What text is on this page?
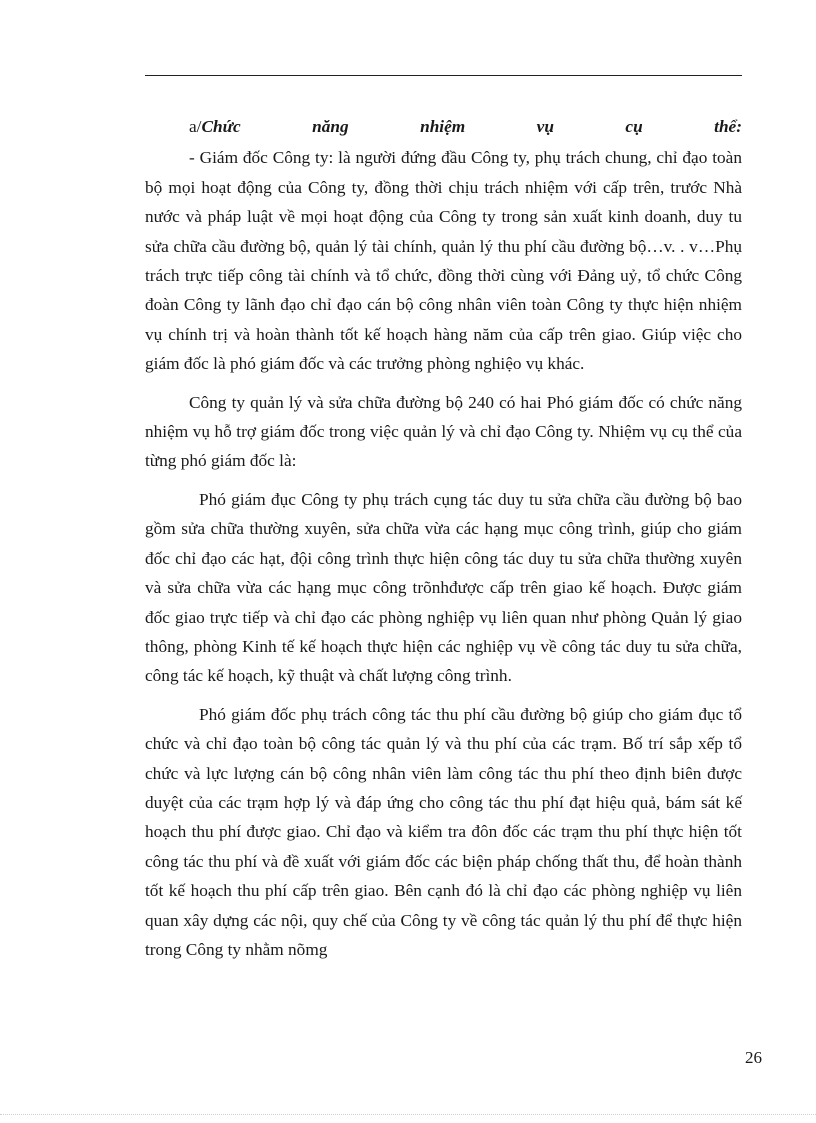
a/Chức	năng	nhiệm	vụ	cụ	thể:

- Giám đốc Công ty: là người đứng đầu Công ty, phụ trách chung, chỉ đạo toàn bộ mọi hoạt động của Công ty, đồng thời chịu trách nhiệm với cấp trên, trước Nhà nước và pháp luật về mọi hoạt động của Công ty trong sản xuất kinh doanh, duy tu sửa chữa cầu đường bộ, quản lý tài chính, quản lý thu phí cầu đường bộ…v. . v…Phụ trách trực tiếp công tài chính và tổ chức, đồng thời cùng với Đảng uỷ, tổ chức Công đoàn Công ty lãnh đạo chỉ đạo cán bộ công nhân viên toàn Công ty thực hiện nhiệm vụ chính trị và hoàn thành tốt kế hoạch hàng năm của cấp trên giao. Giúp việc cho giám đốc là phó giám đốc và các trưởng phòng nghiệo vụ khác.

Công ty quản lý và sửa chữa đường bộ 240 có hai Phó giám đốc có chức năng nhiệm vụ hỗ trợ giám đốc trong việc quản lý và chỉ đạo Công ty. Nhiệm vụ cụ thể của từng phó giám đốc là:

Phó giám đục Công ty phụ trách cụng tác duy tu sửa chữa cầu đường bộ bao gồm sửa chữa thường xuyên, sửa chữa vừa các hạng mục công trình, giúp cho giám đốc chỉ đạo các hạt, đội công trình thực hiện công tác duy tu sửa chữa thường xuyên và sửa chữa vừa các hạng mục công trõnhđược cấp trên giao kế hoạch. Được giám đốc giao trực tiếp và chỉ đạo các phòng nghiệp vụ liên quan như phòng Quản lý giao thông, phòng Kinh tế kế hoạch thực hiện các nghiệp vụ về công tác duy tu sửa chữa, công tác kế hoạch, kỹ thuật và chất lượng công trình.

Phó giám đốc phụ trách công tác thu phí cầu đường bộ giúp cho giám đục tổ chức và chỉ đạo toàn bộ công tác quản lý và thu phí của các trạm. Bố trí sắp xếp tổ chức và lực lượng cán bộ công nhân viên làm công tác thu phí theo định biên được duyệt của các trạm hợp lý và đáp ứng cho công tác thu phí đạt hiệu quả, bám sát kế hoạch thu phí được giao. Chỉ đạo và kiểm tra đôn đốc các trạm thu phí thực hiện tốt công tác thu phí và đề xuất với giám đốc các biện pháp chống thất thu, để hoàn thành tốt kế hoạch thu phí cấp trên giao. Bên cạnh đó là chỉ đạo các phòng nghiệp vụ liên quan xây dựng các nội, quy chế của Công ty về công tác quản lý thu phí để thực hiện trong Công ty nhằm nõmg

26
